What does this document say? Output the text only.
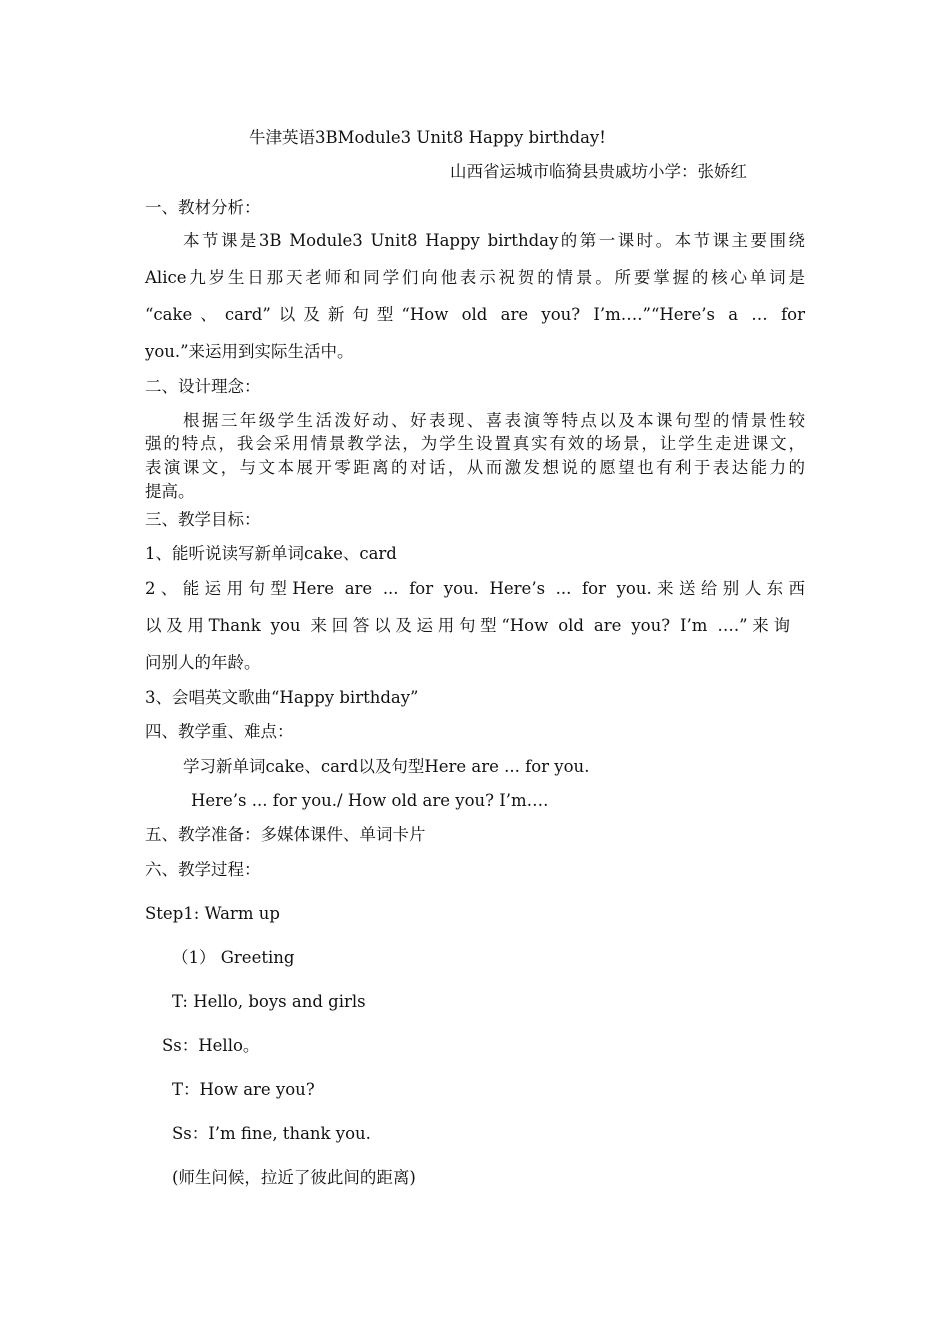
牛津英语3BModule3 Unit8 Happy birthday!
山西省运城市临猗县贵戚坊小学：张娇红
一、教材分析：
本节课是3B Module3 Unit8 Happy birthday的第一课时。本节课主要围绕
Alice九岁生日那天老师和同学们向他表示祝贺的情景。所要掌握的核心单词是
“cake、card”以及新句型“How old are you? I’m….”“Here’s a … for
you.”来运用到实际生活中。
二、设计理念：
根据三年级学生活泼好动、好表现、喜表演等特点以及本课句型的情景性较
强的特点，我会采用情景教学法，为学生设置真实有效的场景，让学生走进课文，
表演课文，与文本展开零距离的对话，从而激发想说的愿望也有利于表达能力的
提高。
三、教学目标：
1、能听说读写新单词cake、card
2、能运用句型Here are ... for you. Here’s ... for you.来送给别人东西
以及用Thank you 来回答以及运用句型“How old are you? I’m ….”来询
问别人的年龄。
3、会唱英文歌曲“Happy birthday”
四、教学重、难点：
学习新单词cake、card以及句型Here are ... for you.
Here’s ... for you./ How old are you? I’m….
五、教学准备：多媒体课件、单词卡片
六、教学过程：
Step1: Warm up
（1） Greeting
T: Hello, boys and girls
Ss：Hello。
T：How are you?
Ss：I’m fine, thank you.
(师生问候，拉近了彼此间的距离)
